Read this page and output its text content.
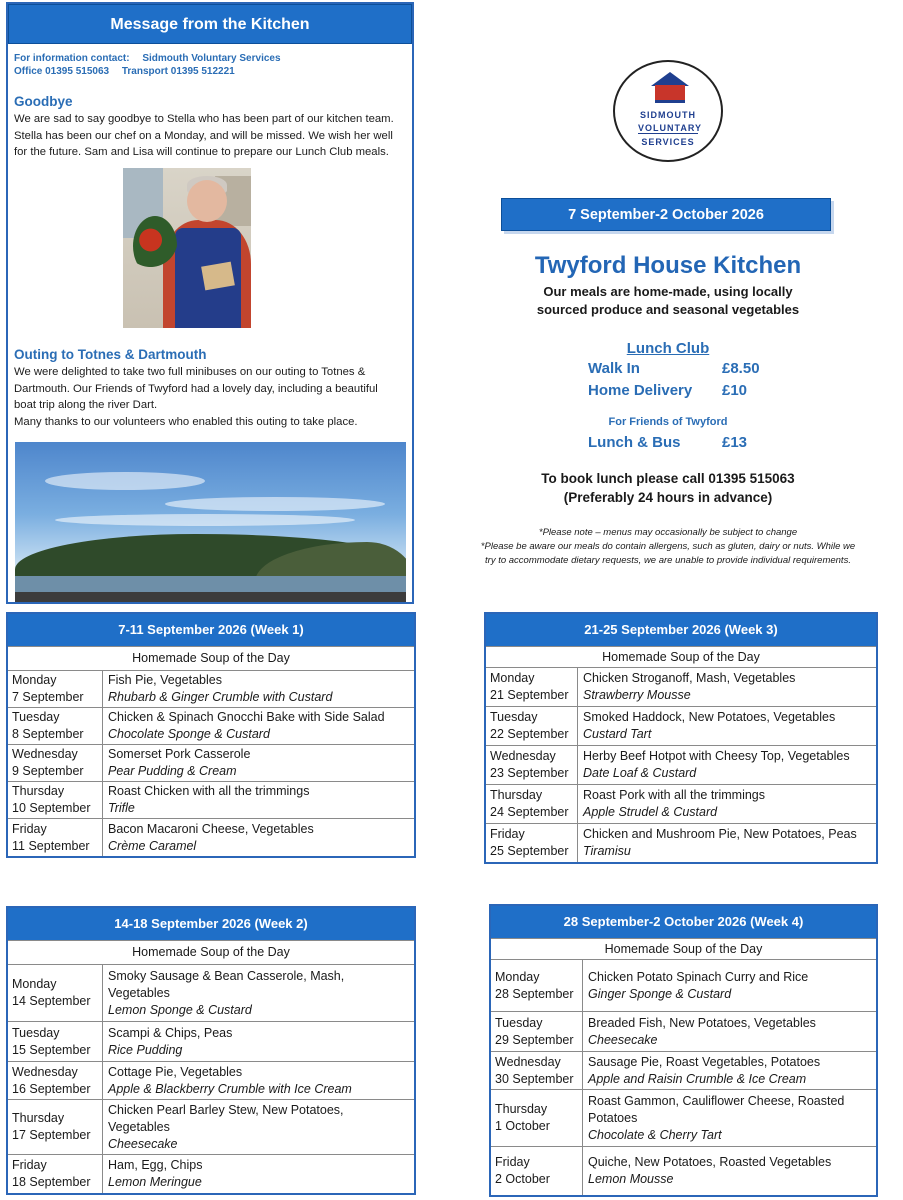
Message from the Kitchen
For information contact: Sidmouth Voluntary Services
Office 01395 515063 Transport 01395 512221
Goodbye
We are sad to say goodbye to Stella who has been part of our kitchen team.
Stella has been our chef on a Monday, and will be missed. We wish her well
for the future. Sam and Lisa will continue to prepare our Lunch Club meals.
Outing to Totnes & Dartmouth
We were delighted to take two full minibuses on our outing to Totnes &
Dartmouth. Our Friends of Twyford had a lovely day, including a beautiful
boat trip along the river Dart.
Many thanks to our volunteers who enabled this outing to take place.
SIDMOUTH
VOLUNTARY
SERVICES
7 September-2 October 2026
Twyford House Kitchen
Our meals are home-made, using locally
sourced produce and seasonal vegetables
Lunch Club
Walk In	£8.50
Home Delivery £10
For Friends of Twyford
Lunch & Bus	£13
To book lunch please call 01395 515063
(Preferably 24 hours in advance)
*Please note – menus may occasionally be subject to change
*Please be aware our meals do contain allergens, such as gluten, dairy or nuts. While we
try to accommodate dietary requests, we are unable to provide individual requirements.
7-11 September 2026 (Week 1)
Homemade Soup of the Day
Monday
7 September
Fish Pie, Vegetables
Rhubarb & Ginger Crumble with Custard
Tuesday
8 September
Chicken & Spinach Gnocchi Bake with Side Salad
Chocolate Sponge & Custard
Wednesday
9 September
Somerset Pork Casserole
Pear Pudding & Cream
Thursday
10 September
Roast Chicken with all the trimmings
Trifle
Friday
11 September
Bacon Macaroni Cheese, Vegetables
Crème Caramel
14-18 September 2026 (Week 2)
Homemade Soup of the Day
Monday
14 September
Smoky Sausage & Bean Casserole, Mash,
Vegetables
Lemon Sponge & Custard
Tuesday
15 September
Scampi & Chips, Peas
Rice Pudding
Wednesday
16 September
Cottage Pie, Vegetables
Apple & Blackberry Crumble with Ice Cream
Thursday
17 September
Chicken Pearl Barley Stew, New Potatoes,
Vegetables
Cheesecake
Friday
18 September
Ham, Egg, Chips
Lemon Meringue
21-25 September 2026 (Week 3)
Homemade Soup of the Day
Monday
21 September
Chicken Stroganoff, Mash, Vegetables
Strawberry Mousse
Tuesday
22 September
Smoked Haddock, New Potatoes, Vegetables
Custard Tart
Wednesday
23 September
Herby Beef Hotpot with Cheesy Top, Vegetables
Date Loaf & Custard
Thursday
24 September
Roast Pork with all the trimmings
Apple Strudel & Custard
Friday
25 September
Chicken and Mushroom Pie, New Potatoes, Peas
Tiramisu
28 September-2 October 2026 (Week 4)
Homemade Soup of the Day
Monday
28 September
Chicken Potato Spinach Curry and Rice
Ginger Sponge & Custard
Tuesday
29 September
Breaded Fish, New Potatoes, Vegetables
Cheesecake
Wednesday
30 September
Sausage Pie, Roast Vegetables, Potatoes
Apple and Raisin Crumble & Ice Cream
Thursday
1 October
Roast Gammon, Cauliflower Cheese, Roasted
Potatoes
Chocolate & Cherry Tart
Friday
2 October
Quiche, New Potatoes, Roasted Vegetables
Lemon Mousse
